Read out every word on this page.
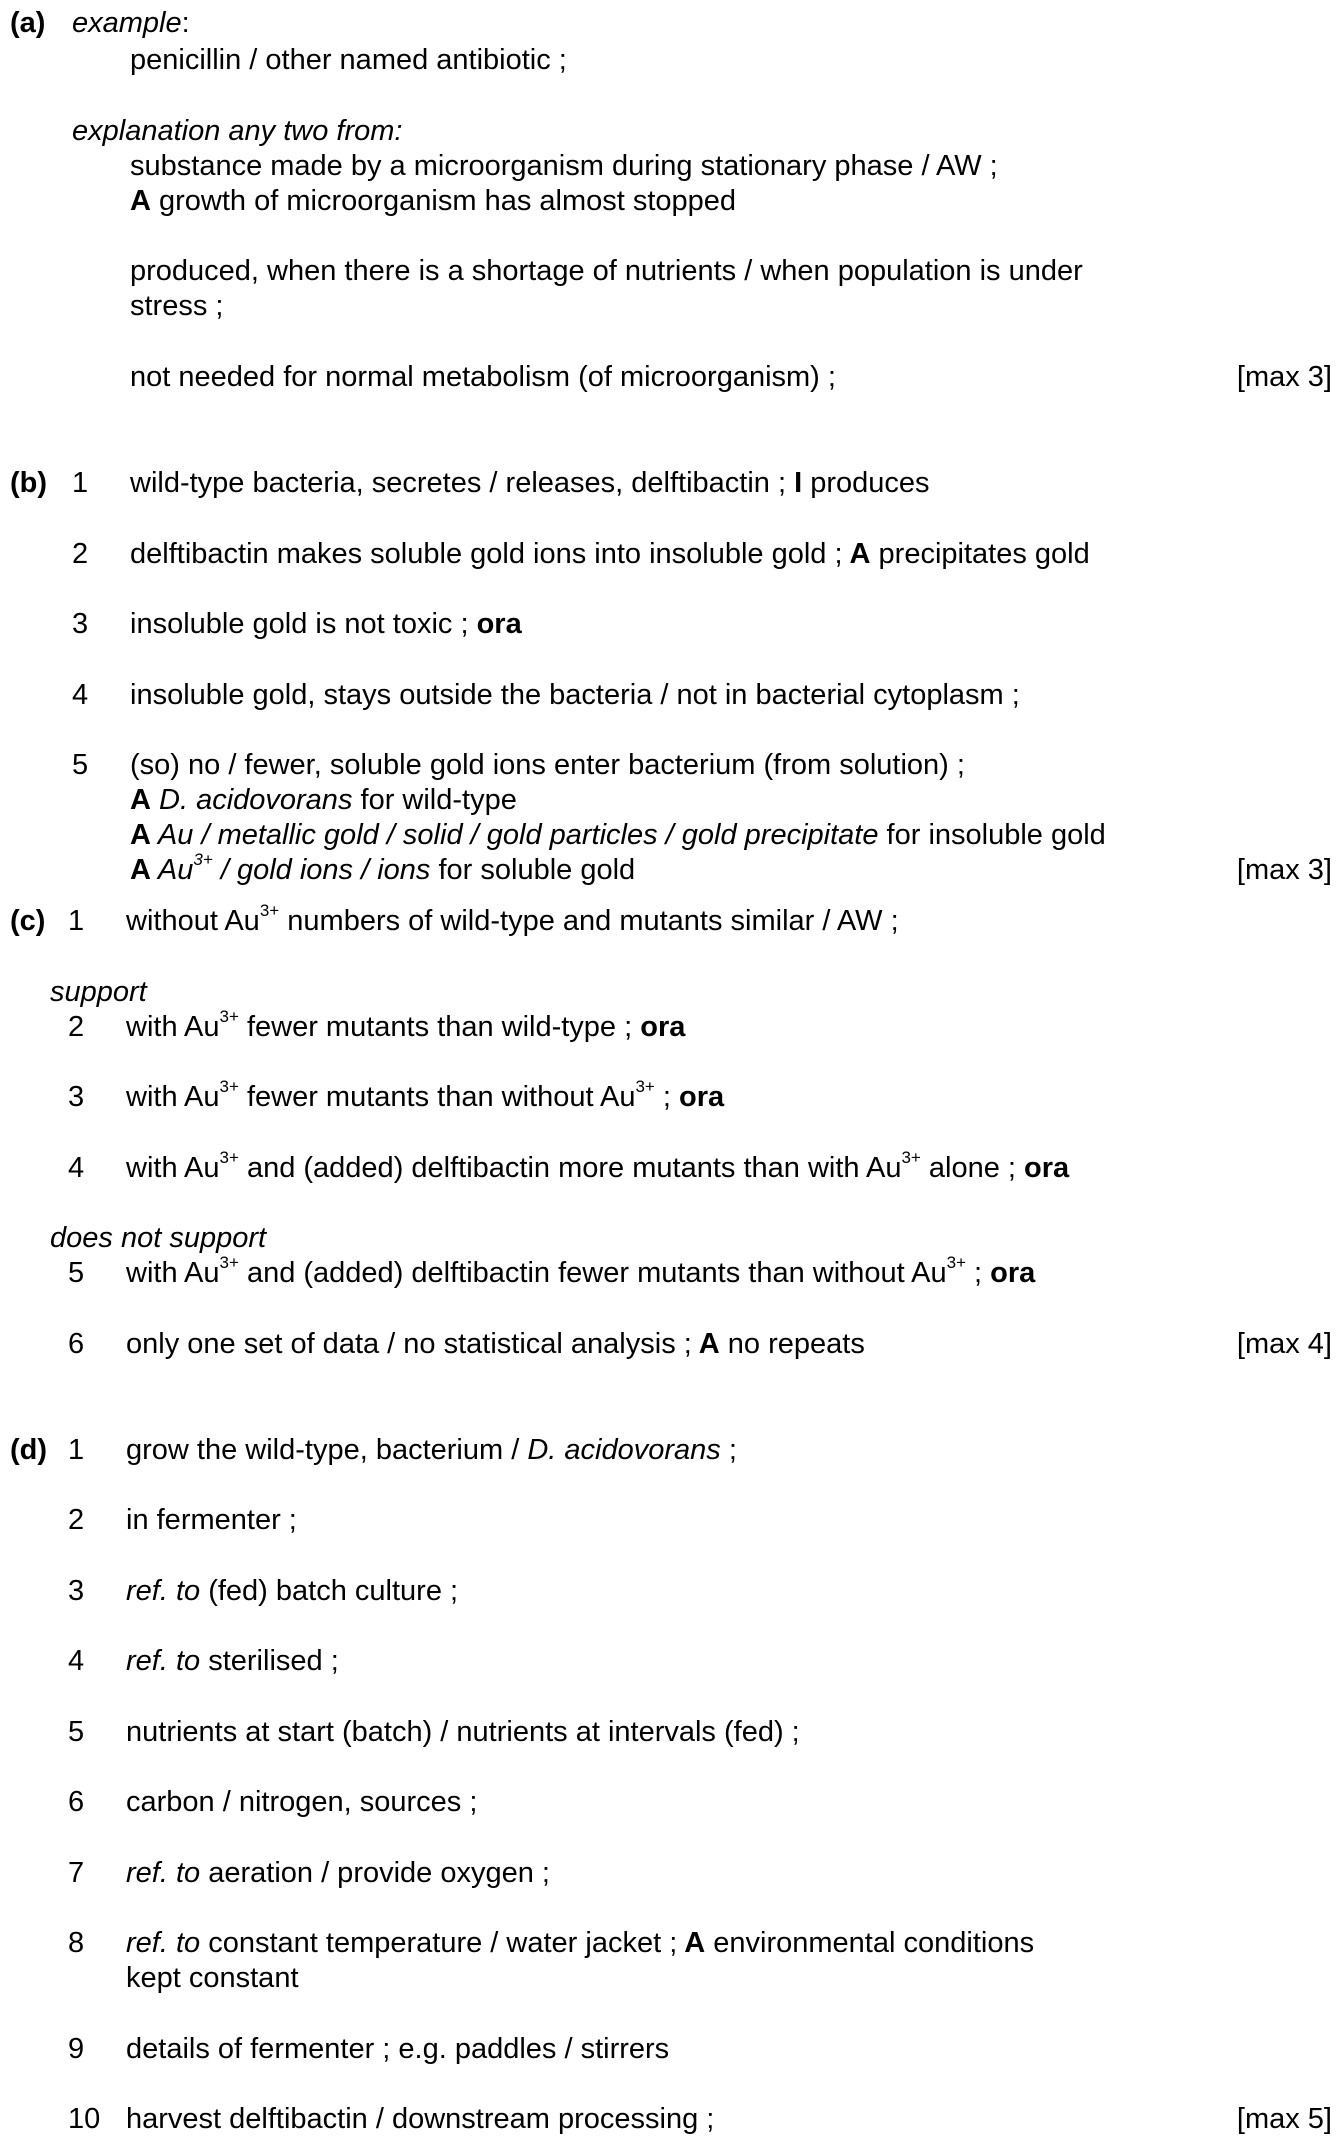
(a) example:
penicillin / other named antibiotic ;
explanation any two from:
substance made by a microorganism during stationary phase / AW ;
A growth of microorganism has almost stopped
produced, when there is a shortage of nutrients / when population is under
stress ;
not needed for normal metabolism (of microorganism) ;	[max 3]
(b) 1 wild-type bacteria, secretes / releases, delftibactin ; I produces
2 delftibactin makes soluble gold ions into insoluble gold ; A precipitates gold
3 insoluble gold is not toxic ; ora
4 insoluble gold, stays outside the bacteria / not in bacterial cytoplasm ;
5 (so) no / fewer, soluble gold ions enter bacterium (from solution) ;
A D. acidovorans for wild-type
A Au / metallic gold / solid / gold particles / gold precipitate for insoluble gold
A $Au^{3+}$ / gold ions / ions for soluble gold	[max 3]
(c) 1 without $Au^{3+}$ numbers of wild-type and mutants similar / AW ;
support
2 with $Au^{3+}$ fewer mutants than wild-type ; ora
3 with $Au^{3+}$ fewer mutants than without $Au^{3+}$ ; ora
4 with $Au^{3+}$ and (added) delftibactin more mutants than with $Au^{3+}$ alone ; ora
does not support
5 with $Au^{3+}$ and (added) delftibactin fewer mutants than without $Au^{3+}$ ; ora
6 only one set of data / no statistical analysis ; A no repeats	[max 4]
(d) 1 grow the wild-type, bacterium / D. acidovorans ;
2 in fermenter ;
3 ref. to (fed) batch culture ;
4 ref. to sterilised ;
5 nutrients at start (batch) / nutrients at intervals (fed) ;
6 carbon / nitrogen, sources ;
7 ref. to aeration / provide oxygen ;
8 ref. to constant temperature / water jacket ; A environmental conditions
kept constant
9 details of fermenter ; e.g. paddles / stirrers
10 harvest delftibactin / downstream processing ;	[max 5]
